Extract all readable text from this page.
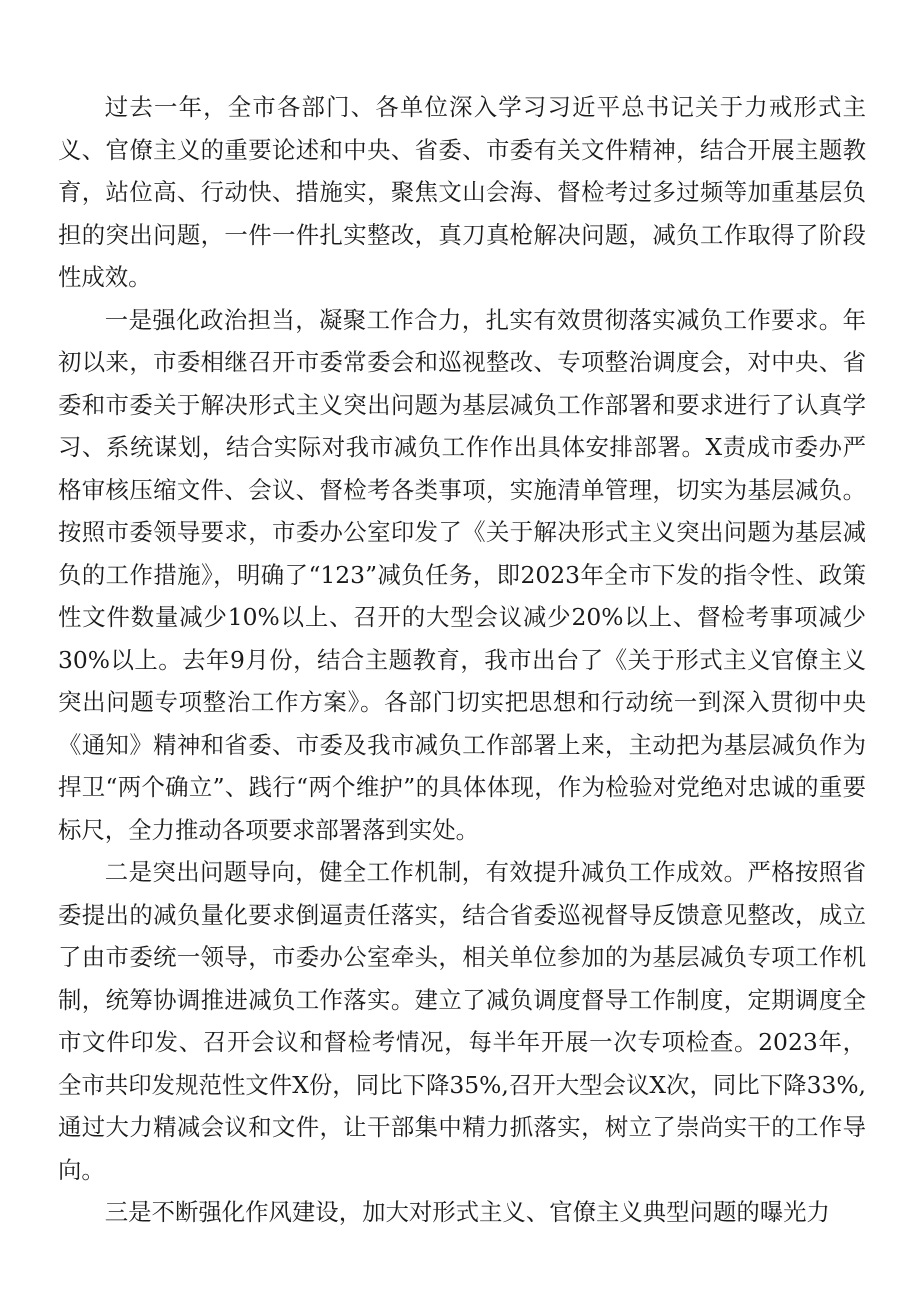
过去一年，全市各部门、各单位深入学习习近平总书记关于力戒形式主义、官僚主义的重要论述和中央、省委、市委有关文件精神，结合开展主题教育，站位高、行动快、措施实，聚焦文山会海、督检考过多过频等加重基层负担的突出问题，一件一件扎实整改，真刀真枪解决问题，减负工作取得了阶段性成效。

一是强化政治担当，凝聚工作合力，扎实有效贯彻落实减负工作要求。年初以来，市委相继召开市委常委会和巡视整改、专项整治调度会，对中央、省委和市委关于解决形式主义突出问题为基层减负工作部署和要求进行了认真学习、系统谋划，结合实际对我市减负工作作出具体安排部署。X责成市委办严格审核压缩文件、会议、督检考各类事项，实施清单管理，切实为基层减负。按照市委领导要求，市委办公室印发了《关于解决形式主义突出问题为基层减负的工作措施》，明确了“123”减负任务，即2023年全市下发的指令性、政策性文件数量减少10%以上、召开的大型会议减少20%以上、督检考事项减少30%以上。去年9月份，结合主题教育，我市出台了《关于形式主义官僚主义突出问题专项整治工作方案》。各部门切实把思想和行动统一到深入贯彻中央《通知》精神和省委、市委及我市减负工作部署上来，主动把为基层减负作为捍卫“两个确立”、践行“两个维护”的具体体现，作为检验对党绝对忠诚的重要标尺，全力推动各项要求部署落到实处。

二是突出问题导向，健全工作机制，有效提升减负工作成效。严格按照省委提出的减负量化要求倒逼责任落实，结合省委巡视督导反馈意见整改，成立了由市委统一领导，市委办公室牵头，相关单位参加的为基层减负专项工作机制，统筹协调推进减负工作落实。建立了减负调度督导工作制度，定期调度全市文件印发、召开会议和督检考情况，每半年开展一次专项检查。2023年，全市共印发规范性文件X份，同比下降35%,召开大型会议X次，同比下降33%,通过大力精减会议和文件，让干部集中精力抓落实，树立了崇尚实干的工作导向。

三是不断强化作风建设，加大对形式主义、官僚主义典型问题的曝光力
